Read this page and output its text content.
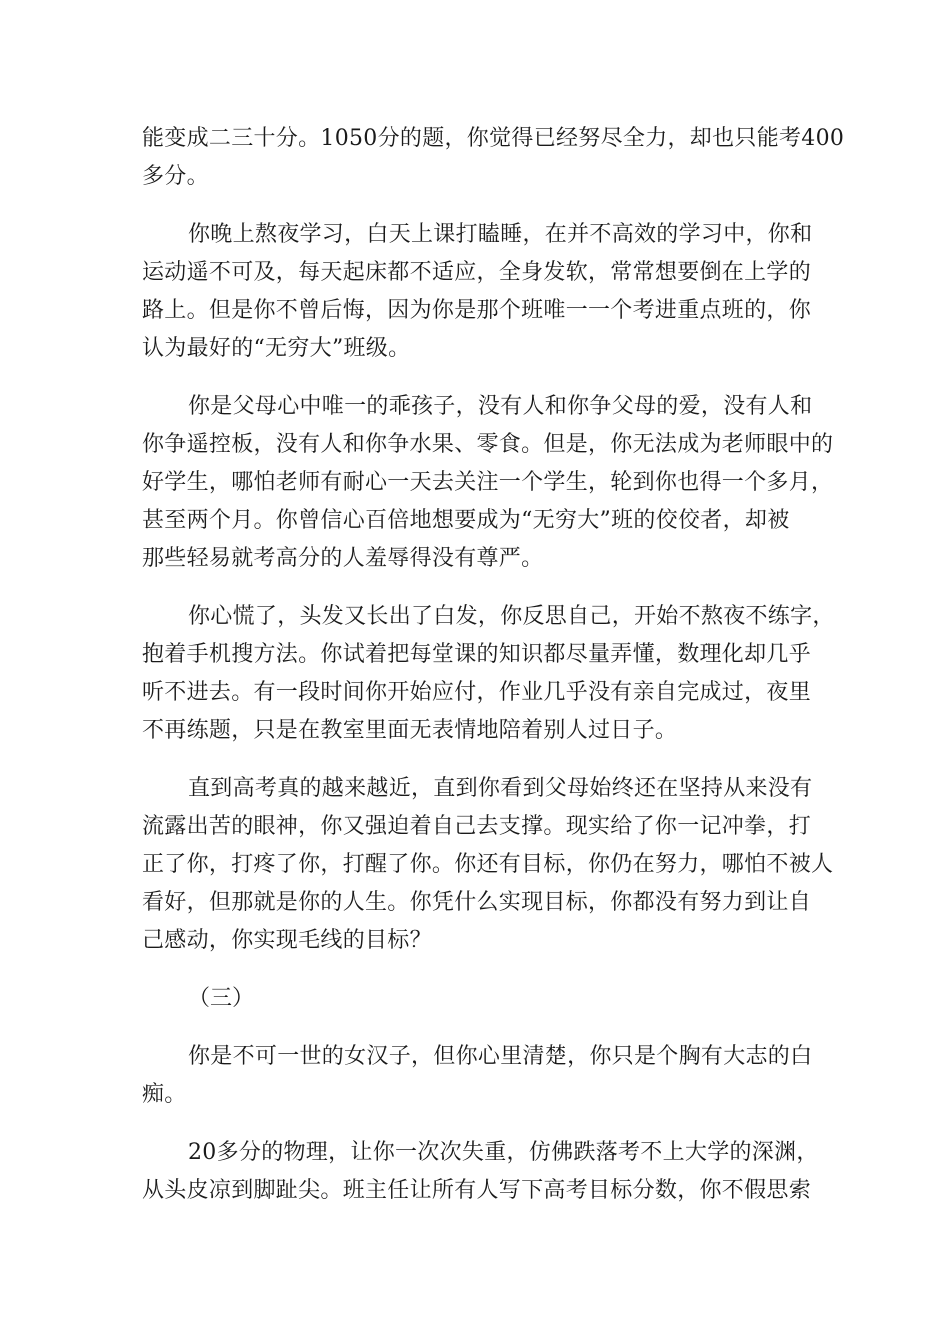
能变成二三十分。1050分的题，你觉得已经努尽全力，却也只能考400
多分。

你晚上熬夜学习，白天上课打瞌睡，在并不高效的学习中，你和
运动遥不可及，每天起床都不适应，全身发软，常常想要倒在上学的
路上。但是你不曾后悔，因为你是那个班唯一一个考进重点班的，你
认为最好的“无穷大”班级。

你是父母心中唯一的乖孩子，没有人和你争父母的爱，没有人和
你争遥控板，没有人和你争水果、零食。但是，你无法成为老师眼中的
好学生，哪怕老师有耐心一天去关注一个学生，轮到你也得一个多月，
甚至两个月。你曾信心百倍地想要成为“无穷大”班的佼佼者，却被
那些轻易就考高分的人羞辱得没有尊严。

你心慌了，头发又长出了白发，你反思自己，开始不熬夜不练字，
抱着手机搜方法。你试着把每堂课的知识都尽量弄懂，数理化却几乎
听不进去。有一段时间你开始应付，作业几乎没有亲自完成过，夜里
不再练题，只是在教室里面无表情地陪着别人过日子。

直到高考真的越来越近，直到你看到父母始终还在坚持从来没有
流露出苦的眼神，你又强迫着自己去支撑。现实给了你一记冲拳，打
正了你，打疼了你，打醒了你。你还有目标，你仍在努力，哪怕不被人
看好，但那就是你的人生。你凭什么实现目标，你都没有努力到让自
己感动，你实现毛线的目标？

（三）

你是不可一世的女汉子，但你心里清楚，你只是个胸有大志的白
痴。

20多分的物理，让你一次次失重，仿佛跌落考不上大学的深渊，
从头皮凉到脚趾尖。班主任让所有人写下高考目标分数，你不假思索
